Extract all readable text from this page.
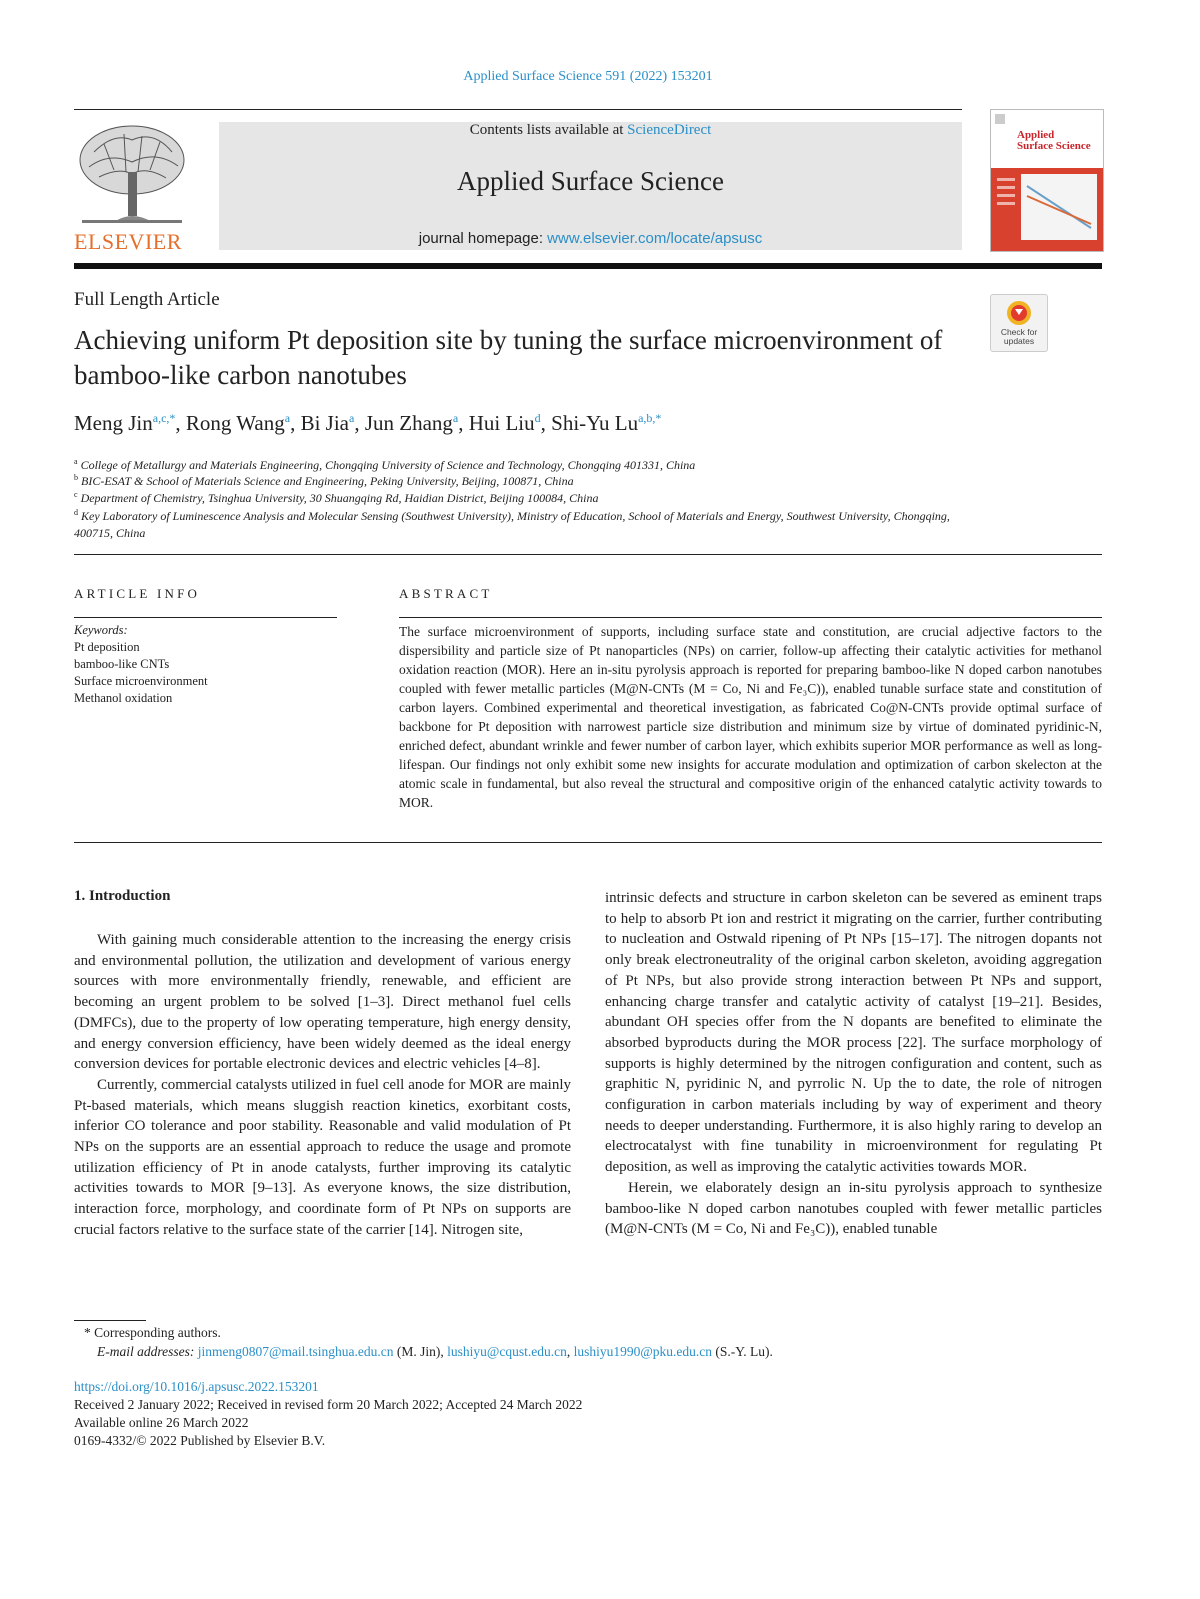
Applied Surface Science 591 (2022) 153201
ELSEVIER
Contents lists available at ScienceDirect
Applied Surface Science
journal homepage: www.elsevier.com/locate/apsusc
Applied
Surface Science
Full Length Article
Achieving uniform Pt deposition site by tuning the surface microenvironment of bamboo-like carbon nanotubes
Check for
updates
Meng Jin$^{a,c,*}$, Rong Wang$^a$, Bi Jia$^a$, Jun Zhang$^a$, Hui Liu$^d$, Shi-Yu $Lu^{a,b,*}$
$^a$ College of Metallurgy and Materials Engineering, Chongqing University of Science and Technology, Chongqing 401331, China
$^b$ BIC-ESAT & School of Materials Science and Engineering, Peking University, Beijing, 100871, China
$^c$ Department of Chemistry, Tsinghua University, 30 Shuangqing Rd, Haidian District, Beijing 100084, China
$^d$ Key Laboratory of Luminescence Analysis and Molecular Sensing (Southwest University), Ministry of Education, School of Materials and Energy, Southwest University, Chongqing, 400715, China
ARTICLE INFO	ABSTRACT
Keywords:
Pt deposition
bamboo-like CNTs
Surface microenvironment
Methanol oxidation
The surface microenvironment of supports, including surface state and constitution, are crucial adjective factors to the dispersibility and particle size of Pt nanoparticles (NPs) on carrier, follow-up affecting their catalytic activities for methanol oxidation reaction (MOR). Here an in-situ pyrolysis approach is reported for preparing bamboo-like N doped carbon nanotubes coupled with fewer metallic particles (M@N-CNTs (M = Co, Ni and Fe₃C)), enabled tunable surface state and constitution of carbon layers. Combined experimental and theoretical investigation, as fabricated Co@N-CNTs provide optimal surface of backbone for Pt deposition with narrowest particle size distribution and minimum size by virtue of dominated pyridinic-N, enriched defect, abundant wrinkle and fewer number of carbon layer, which exhibits superior MOR performance as well as long-lifespan. Our findings not only exhibit some new insights for accurate modulation and optimization of carbon skelecton at the atomic scale in fundamental, but also reveal the structural and compositive origin of the enhanced catalytic activity towards to MOR.
1. Introduction

With gaining much considerable attention to the increasing the energy crisis and environmental pollution, the utilization and development of various energy sources with more environmentally friendly, renewable, and efficient are becoming an urgent problem to be solved [1–3]. Direct methanol fuel cells (DMFCs), due to the property of low operating temperature, high energy density, and energy conversion efficiency, have been widely deemed as the ideal energy conversion devices for portable electronic devices and electric vehicles [4–8].

Currently, commercial catalysts utilized in fuel cell anode for MOR are mainly Pt-based materials, which means sluggish reaction kinetics, exorbitant costs, inferior CO tolerance and poor stability. Reasonable and valid modulation of Pt NPs on the supports are an essential approach to reduce the usage and promote utilization efficiency of Pt in anode catalysts, further improving its catalytic activities towards to MOR [9–13]. As everyone knows, the size distribution, interaction force, morphology, and coordinate form of Pt NPs on supports are crucial factors relative to the surface state of the carrier [14]. Nitrogen site,

intrinsic defects and structure in carbon skeleton can be severed as eminent traps to help to absorb Pt ion and restrict it migrating on the carrier, further contributing to nucleation and Ostwald ripening of Pt NPs [15–17]. The nitrogen dopants not only break electroneutrality of the original carbon skeleton, avoiding aggregation of Pt NPs, but also provide strong interaction between Pt NPs and support, enhancing charge transfer and catalytic activity of catalyst [19–21]. Besides, abundant OH species offer from the N dopants are benefited to eliminate the absorbed byproducts during the MOR process [22]. The surface morphology of supports is highly determined by the nitrogen configuration and content, such as graphitic N, pyridinic N, and pyrrolic N. Up the to date, the role of nitrogen configuration in carbon materials including by way of experiment and theory needs to deeper understanding. Furthermore, it is also highly raring to develop an electrocatalyst with fine tunability in microenvironment for regulating Pt deposition, as well as improving the catalytic activities towards MOR.

Herein, we elaborately design an in-situ pyrolysis approach to synthesize bamboo-like N doped carbon nanotubes coupled with fewer metallic particles (M@N-CNTs (M = Co, Ni and Fe₃C)), enabled tunable

* Corresponding authors.
E-mail addresses: jinmeng0807@mail.tsinghua.edu.cn (M. Jin), lushiyu@cqust.edu.cn, lushiyu1990@pku.edu.cn (S.-Y. Lu).
https://doi.org/10.1016/j.apsusc.2022.153201
Received 2 January 2022; Received in revised form 20 March 2022; Accepted 24 March 2022
Available online 26 March 2022
0169-4332/© 2022 Published by Elsevier B.V.
